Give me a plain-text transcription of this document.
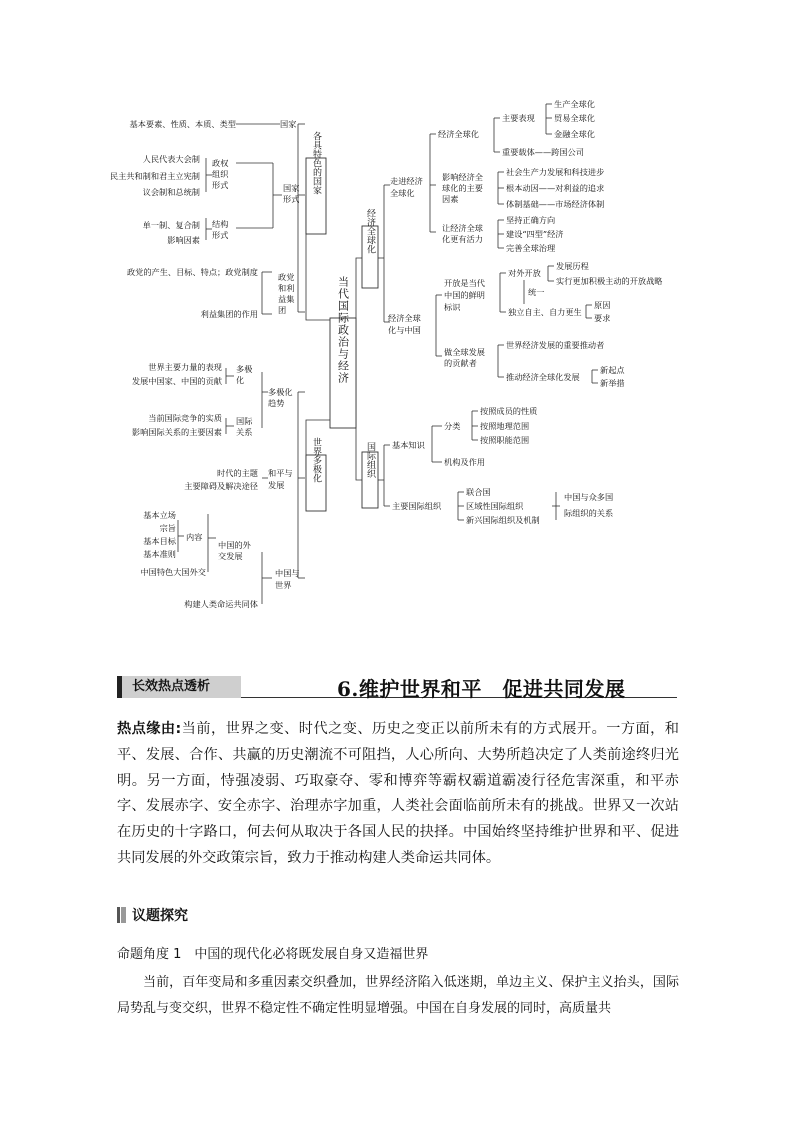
当代国际政治与经济
各具特色的国家
世界多极化
经济全球化
国际组织
基本要素、性质、本质、类型	国家
国家
形式
政权
组织
形式
人民代表大会制
民主共和制和君主立宪制
议会制和总统制
结构
形式
单一制、复合制
影响因素
政党
和利
益集
团
政党的产生、目标、特点；政党制度
利益集团的作用
多极化
趋势
多极
化
世界主要力量的表现
发展中国家、中国的贡献
国际
关系
当前国际竞争的实质
影响国际关系的主要因素
和平与
发展
时代的主题
主要障碍及解决途径
中国与
世界
中国的外
交发展
内容
基本立场
宗旨
基本目标
基本准则
中国特色大国外交
构建人类命运共同体
走进经济
全球化
经济全球化
主要表现
生产全球化
贸易全球化
金融全球化
重要载体——跨国公司
影响经济全
球化的主要
因素
社会生产力发展和科技进步
根本动因——对利益的追求
体制基础——市场经济体制
让经济全球
化更有活力
坚持正确方向
建设“四型”经济
完善全球治理
经济全球
化与中国
开放是当代
中国的鲜明
标识
对外开放
发展历程
实行更加积极主动的开放战略
统一
独立自主、自力更生
原因
要求
做全球发展
的贡献者
世界经济发展的重要推动者
推动经济全球化发展
新起点
新举措
基本知识
分类
按照成员的性质
按照地理范围
按照职能范围
机构及作用
主要国际组织
联合国
区域性国际组织
新兴国际组织及机制
中国与众多国
际组织的关系
长效热点透析	6.维护世界和平　促进共同发展
热点缘由:当前，世界之变、时代之变、历史之变正以前所未有的方式展开。一方面，和平、发展、合作、共赢的历史潮流不可阻挡，人心所向、大势所趋决定了人类前途终归光明。另一方面，恃强凌弱、巧取豪夺、零和博弈等霸权霸道霸凌行径危害深重，和平赤字、发展赤字、安全赤字、治理赤字加重，人类社会面临前所未有的挑战。世界又一次站在历史的十字路口，何去何从取决于各国人民的抉择。中国始终坚持维护世界和平、促进共同发展的外交政策宗旨，致力于推动构建人类命运共同体。
议题探究
命题角度 1　中国的现代化必将既发展自身又造福世界
当前，百年变局和多重因素交织叠加，世界经济陷入低迷期，单边主义、保护主义抬头，国际局势乱与变交织，世界不稳定性不确定性明显增强。中国在自身发展的同时，高质量共
